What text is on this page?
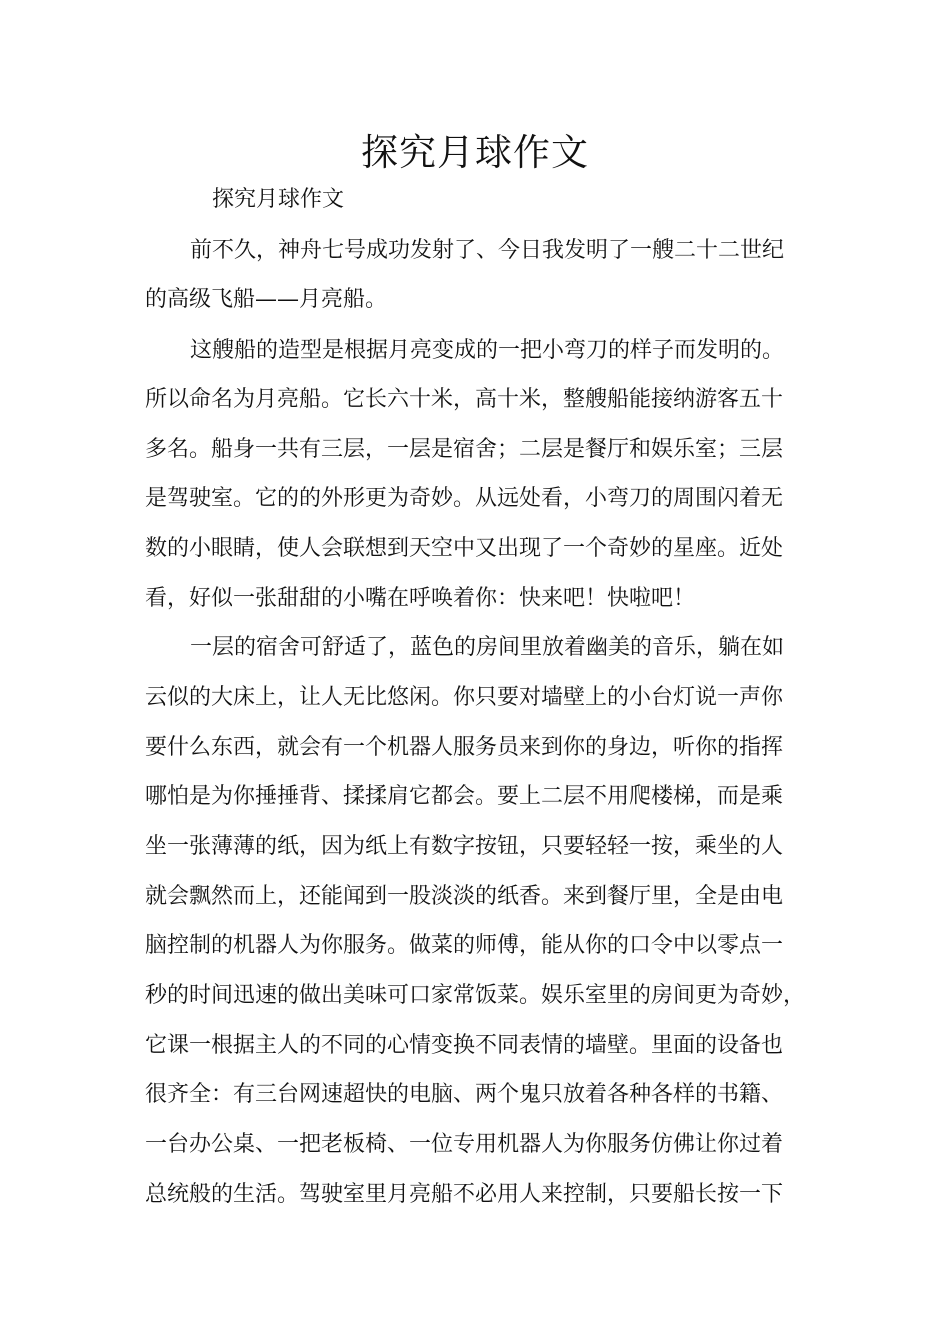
探究月球作文

探究月球作文

前不久，神舟七号成功发射了、今日我发明了一艘二十二世纪

的高级飞船——月亮船。

这艘船的造型是根据月亮变成的一把小弯刀的样子而发明的。

所以命名为月亮船。它长六十米，高十米，整艘船能接纳游客五十

多名。船身一共有三层，一层是宿舍；二层是餐厅和娱乐室；三层

是驾驶室。它的的外形更为奇妙。从远处看，小弯刀的周围闪着无

数的小眼睛，使人会联想到天空中又出现了一个奇妙的星座。近处

看，好似一张甜甜的小嘴在呼唤着你：快来吧！快啦吧！

一层的宿舍可舒适了，蓝色的房间里放着幽美的音乐，躺在如

云似的大床上，让人无比悠闲。你只要对墙壁上的小台灯说一声你

要什么东西，就会有一个机器人服务员来到你的身边，听你的指挥

哪怕是为你捶捶背、揉揉肩它都会。要上二层不用爬楼梯，而是乘

坐一张薄薄的纸，因为纸上有数字按钮，只要轻轻一按，乘坐的人

就会飘然而上，还能闻到一股淡淡的纸香。来到餐厅里，全是由电

脑控制的机器人为你服务。做菜的师傅，能从你的口令中以零点一

秒的时间迅速的做出美味可口家常饭菜。娱乐室里的房间更为奇妙，

它课一根据主人的不同的心情变换不同表情的墙壁。里面的设备也

很齐全：有三台网速超快的电脑、两个鬼只放着各种各样的书籍、

一台办公桌、一把老板椅、一位专用机器人为你服务仿佛让你过着

总统般的生活。驾驶室里月亮船不必用人来控制，只要船长按一下
